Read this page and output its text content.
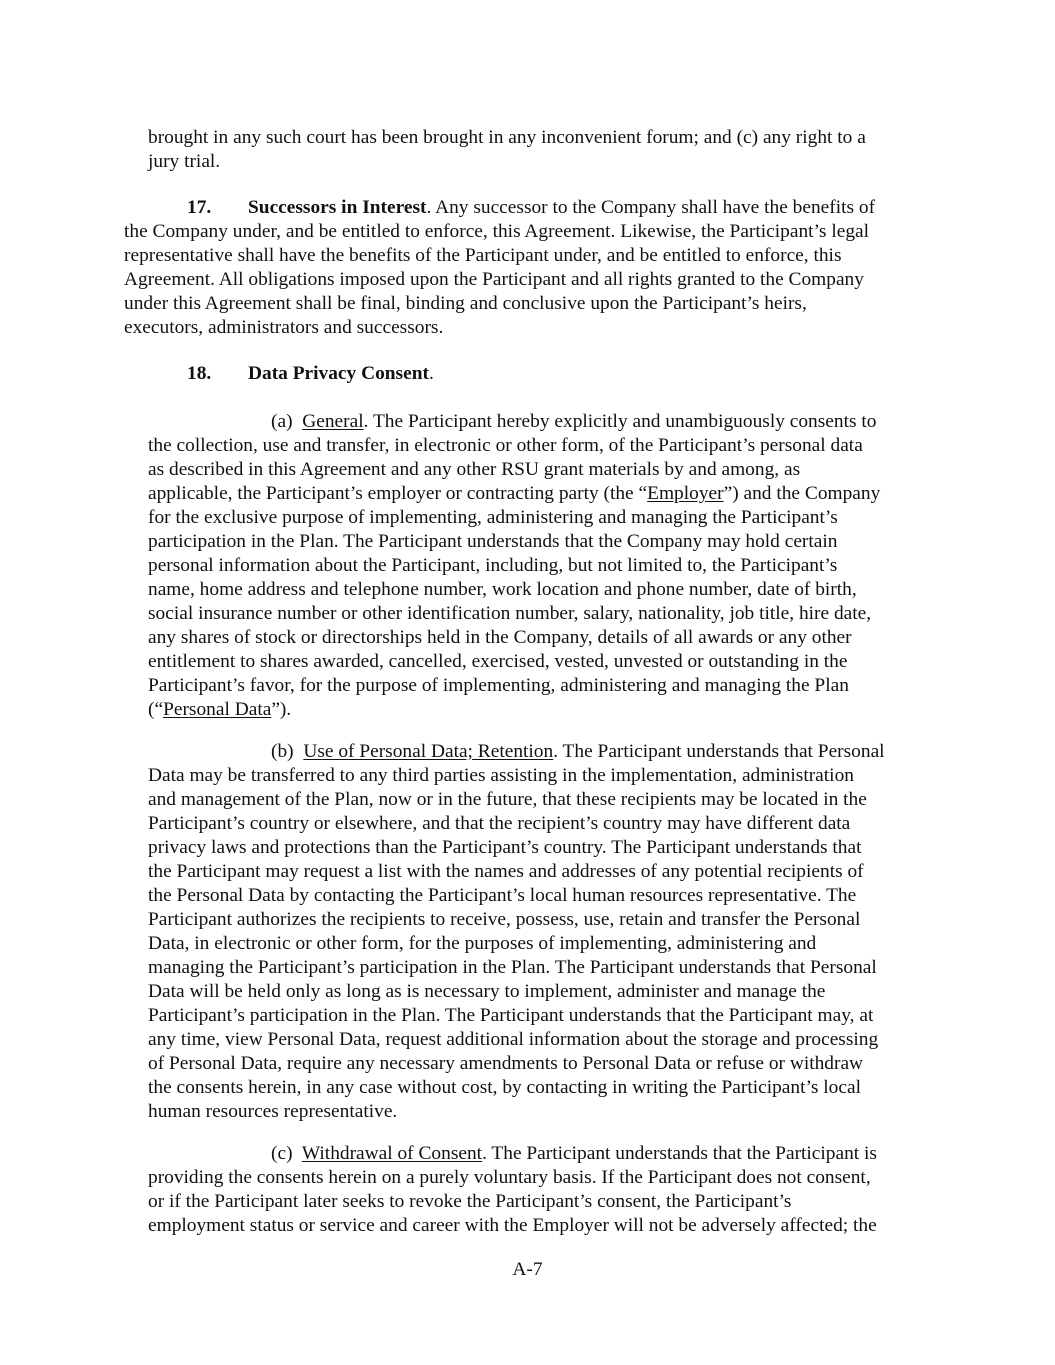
brought in any such court has been brought in any inconvenient forum; and (c) any right to a
jury trial.
17. Successors in Interest. Any successor to the Company shall have the benefits of
the Company under, and be entitled to enforce, this Agreement. Likewise, the Participant’s legal
representative shall have the benefits of the Participant under, and be entitled to enforce, this
Agreement. All obligations imposed upon the Participant and all rights granted to the Company
under this Agreement shall be final, binding and conclusive upon the Participant’s heirs,
executors, administrators and successors.
18. Data Privacy Consent.
(a) General. The Participant hereby explicitly and unambiguously consents to
the collection, use and transfer, in electronic or other form, of the Participant’s personal data
as described in this Agreement and any other RSU grant materials by and among, as
applicable, the Participant’s employer or contracting party (the “Employer”) and the Company
for the exclusive purpose of implementing, administering and managing the Participant’s
participation in the Plan. The Participant understands that the Company may hold certain
personal information about the Participant, including, but not limited to, the Participant’s
name, home address and telephone number, work location and phone number, date of birth,
social insurance number or other identification number, salary, nationality, job title, hire date,
any shares of stock or directorships held in the Company, details of all awards or any other
entitlement to shares awarded, cancelled, exercised, vested, unvested or outstanding in the
Participant’s favor, for the purpose of implementing, administering and managing the Plan
(“Personal Data”).
(b) Use of Personal Data; Retention. The Participant understands that Personal
Data may be transferred to any third parties assisting in the implementation, administration
and management of the Plan, now or in the future, that these recipients may be located in the
Participant’s country or elsewhere, and that the recipient’s country may have different data
privacy laws and protections than the Participant’s country. The Participant understands that
the Participant may request a list with the names and addresses of any potential recipients of
the Personal Data by contacting the Participant’s local human resources representative. The
Participant authorizes the recipients to receive, possess, use, retain and transfer the Personal
Data, in electronic or other form, for the purposes of implementing, administering and
managing the Participant’s participation in the Plan. The Participant understands that Personal
Data will be held only as long as is necessary to implement, administer and manage the
Participant’s participation in the Plan. The Participant understands that the Participant may, at
any time, view Personal Data, request additional information about the storage and processing
of Personal Data, require any necessary amendments to Personal Data or refuse or withdraw
the consents herein, in any case without cost, by contacting in writing the Participant’s local
human resources representative.
(c) Withdrawal of Consent. The Participant understands that the Participant is
providing the consents herein on a purely voluntary basis. If the Participant does not consent,
or if the Participant later seeks to revoke the Participant’s consent, the Participant’s
employment status or service and career with the Employer will not be adversely affected; the
A-7
